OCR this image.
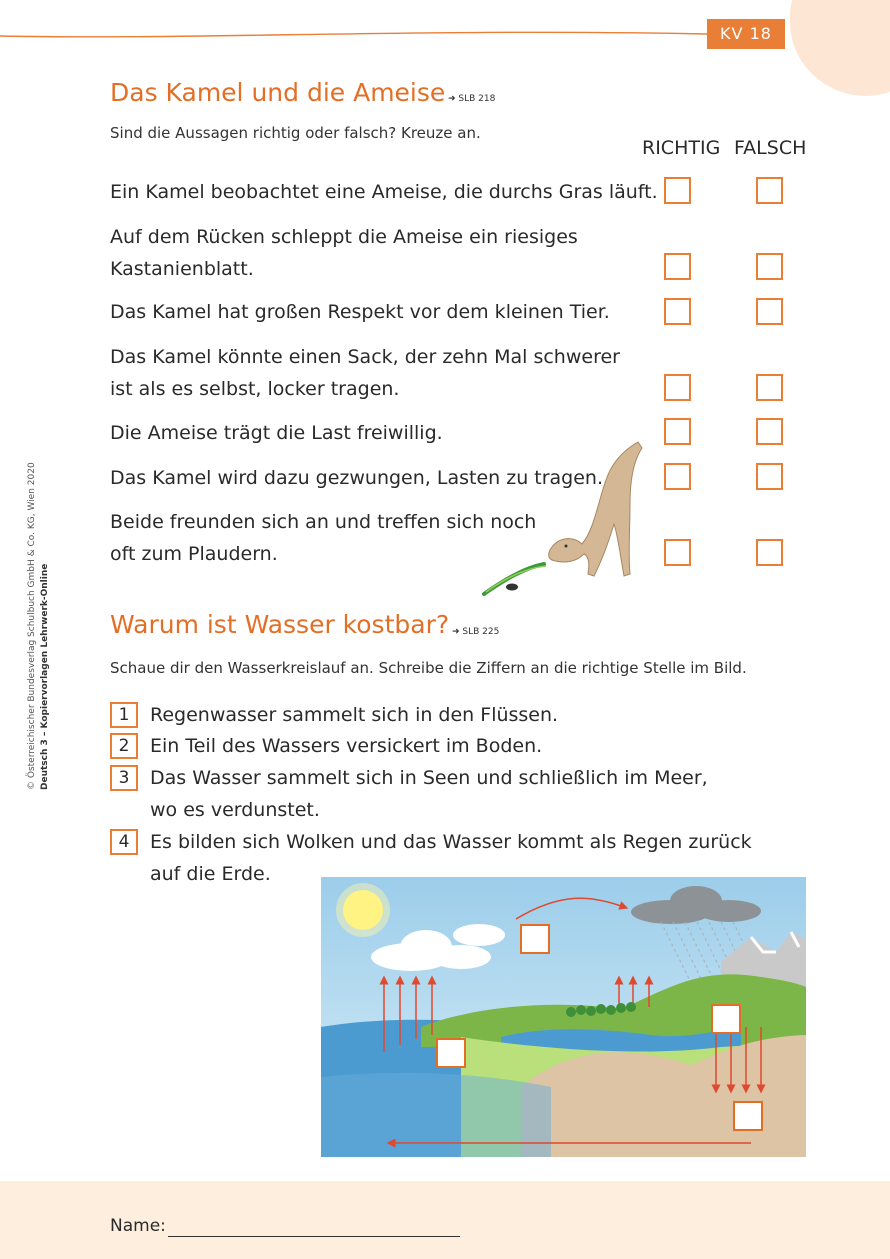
KV 18
Das Kamel und die Ameise ➜ SLB 218
Sind die Aussagen richtig oder falsch? Kreuze an.
RICHTIG FALSCH
Ein Kamel beobachtet eine Ameise, die durchs Gras läuft.
Auf dem Rücken schleppt die Ameise ein riesiges
Kastanienblatt.
Das Kamel hat großen Respekt vor dem kleinen Tier.
Das Kamel könnte einen Sack, der zehn Mal schwerer
ist als es selbst, locker tragen.
Die Ameise trägt die Last freiwillig.
Das Kamel wird dazu gezwungen, Lasten zu tragen.
Beide freunden sich an und treffen sich noch
oft zum Plaudern.
Warum ist Wasser kostbar? ➜ SLB 225
Schaue dir den Wasserkreislauf an. Schreibe die Ziffern an die richtige Stelle im Bild.
1	Regenwasser sammelt sich in den Flüssen.
2	Ein Teil des Wassers versickert im Boden.
3	Das Wasser sammelt sich in Seen und schließlich im Meer,
wo es verdunstet.
4	Es bilden sich Wolken und das Wasser kommt als Regen zurück
auf die Erde.
© Österreichischer Bundesverlag Schulbuch GmbH & Co. KG, Wien 2020 Deutsch 3 – Kopiervorlagen Lehrwerk-Online
Name:
